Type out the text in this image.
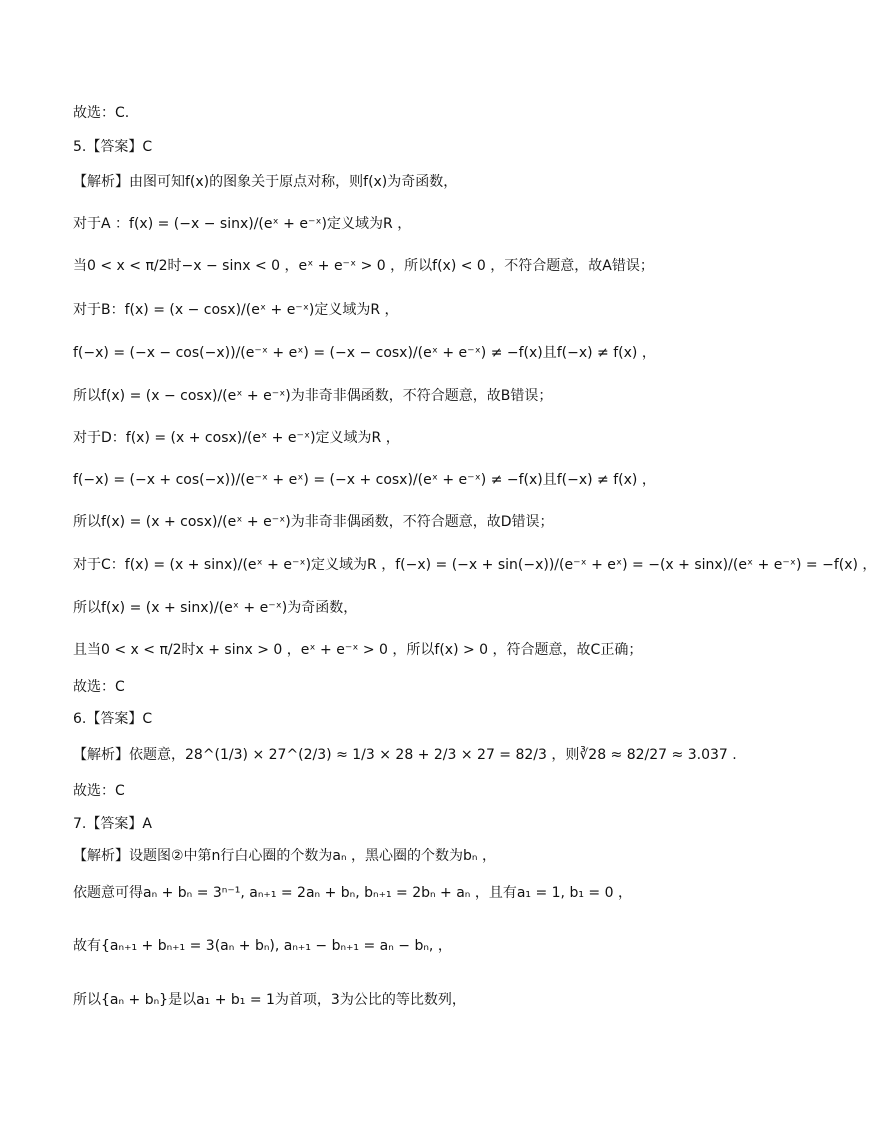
故选：C.
5.【答案】C
【解析】由图可知f(x)的图象关于原点对称，则f(x)为奇函数，
对于A ：f(x) = (−x − sinx)/(eˣ + e⁻ˣ)定义域为R ，
当0 < x < π/2时−x − sinx < 0 ，eˣ + e⁻ˣ > 0 ，所以f(x) < 0 ，不符合题意，故A错误；
对于B：f(x) = (x − cosx)/(eˣ + e⁻ˣ)定义域为R ，
f(−x) = (−x − cos(−x))/(e⁻ˣ + eˣ) = (−x − cosx)/(eˣ + e⁻ˣ) ≠ −f(x)且f(−x) ≠ f(x) ，
所以f(x) = (x − cosx)/(eˣ + e⁻ˣ)为非奇非偶函数，不符合题意，故B错误；
对于D：f(x) = (x + cosx)/(eˣ + e⁻ˣ)定义域为R ，
f(−x) = (−x + cos(−x))/(e⁻ˣ + eˣ) = (−x + cosx)/(eˣ + e⁻ˣ) ≠ −f(x)且f(−x) ≠ f(x) ，
所以f(x) = (x + cosx)/(eˣ + e⁻ˣ)为非奇非偶函数，不符合题意，故D错误；
对于C：f(x) = (x + sinx)/(eˣ + e⁻ˣ)定义域为R ，f(−x) = (−x + sin(−x))/(e⁻ˣ + eˣ) = −(x + sinx)/(eˣ + e⁻ˣ) = −f(x) ，
所以f(x) = (x + sinx)/(eˣ + e⁻ˣ)为奇函数，
且当0 < x < π/2时x + sinx > 0 ，eˣ + e⁻ˣ > 0 ，所以f(x) > 0 ，符合题意，故C正确；
故选：C
6.【答案】C
【解析】依题意，28^(1/3) × 27^(2/3) ≈ 1/3 × 28 + 2/3 × 27 = 82/3 ，则∛28 ≈ 82/27 ≈ 3.037 .
故选：C
7.【答案】A
【解析】设题图②中第n行白心圈的个数为aₙ ，黑心圈的个数为bₙ ，
依题意可得aₙ + bₙ = 3ⁿ⁻¹, aₙ₊₁ = 2aₙ + bₙ, bₙ₊₁ = 2bₙ + aₙ ，且有a₁ = 1, b₁ = 0 ，
故有{aₙ₊₁ + bₙ₊₁ = 3(aₙ + bₙ), aₙ₊₁ − bₙ₊₁ = aₙ − bₙ, ，
所以{aₙ + bₙ}是以a₁ + b₁ = 1为首项，3为公比的等比数列，
